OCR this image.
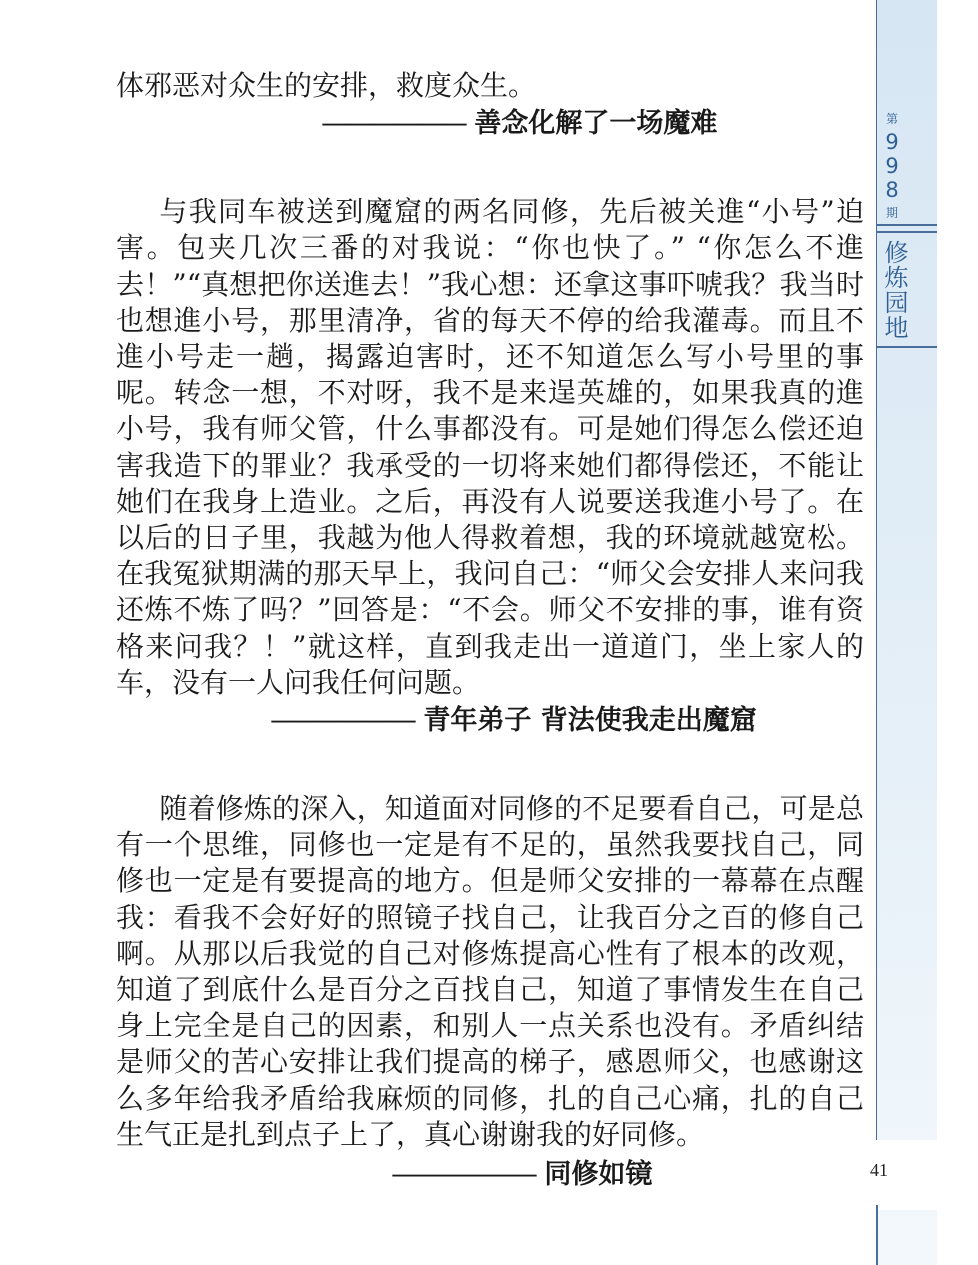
第
9
9
8
期
修炼园地
41

体邪恶对众生的安排，救度众生。

—————— 善念化解了一场魔难

与我同车被送到魔窟的两名同修，先后被关進“小号”迫害。包夹几次三番的对我说：“你也快了。” “你怎么不進去！”“真想把你送進去！”我心想：还拿这事吓唬我？我当时也想進小号，那里清净，省的每天不停的给我灌毒。而且不進小号走一趟，揭露迫害时，还不知道怎么写小号里的事呢。转念一想，不对呀，我不是来逞英雄的，如果我真的進小号，我有师父管，什么事都没有。可是她们得怎么偿还迫害我造下的罪业？我承受的一切将来她们都得偿还，不能让她们在我身上造业。之后，再没有人说要送我進小号了。在以后的日子里，我越为他人得救着想，我的环境就越宽松。在我冤狱期满的那天早上，我问自己：“师父会安排人来问我还炼不炼了吗？”回答是：“不会。师父不安排的事，谁有资格来问我？！”就这样，直到我走出一道道门，坐上家人的车，没有一人问我任何问题。

—————— 青年弟子 背法使我走出魔窟

随着修炼的深入，知道面对同修的不足要看自己，可是总有一个思维，同修也一定是有不足的，虽然我要找自己，同修也一定是有要提高的地方。但是师父安排的一幕幕在点醒我：看我不会好好的照镜子找自己，让我百分之百的修自己啊。从那以后我觉的自己对修炼提高心性有了根本的改观，知道了到底什么是百分之百找自己，知道了事情发生在自己身上完全是自己的因素，和别人一点关系也没有。矛盾纠结是师父的苦心安排让我们提高的梯子，感恩师父，也感谢这么多年给我矛盾给我麻烦的同修，扎的自己心痛，扎的自己生气正是扎到点子上了，真心谢谢我的好同修。

—————— 同修如镜
